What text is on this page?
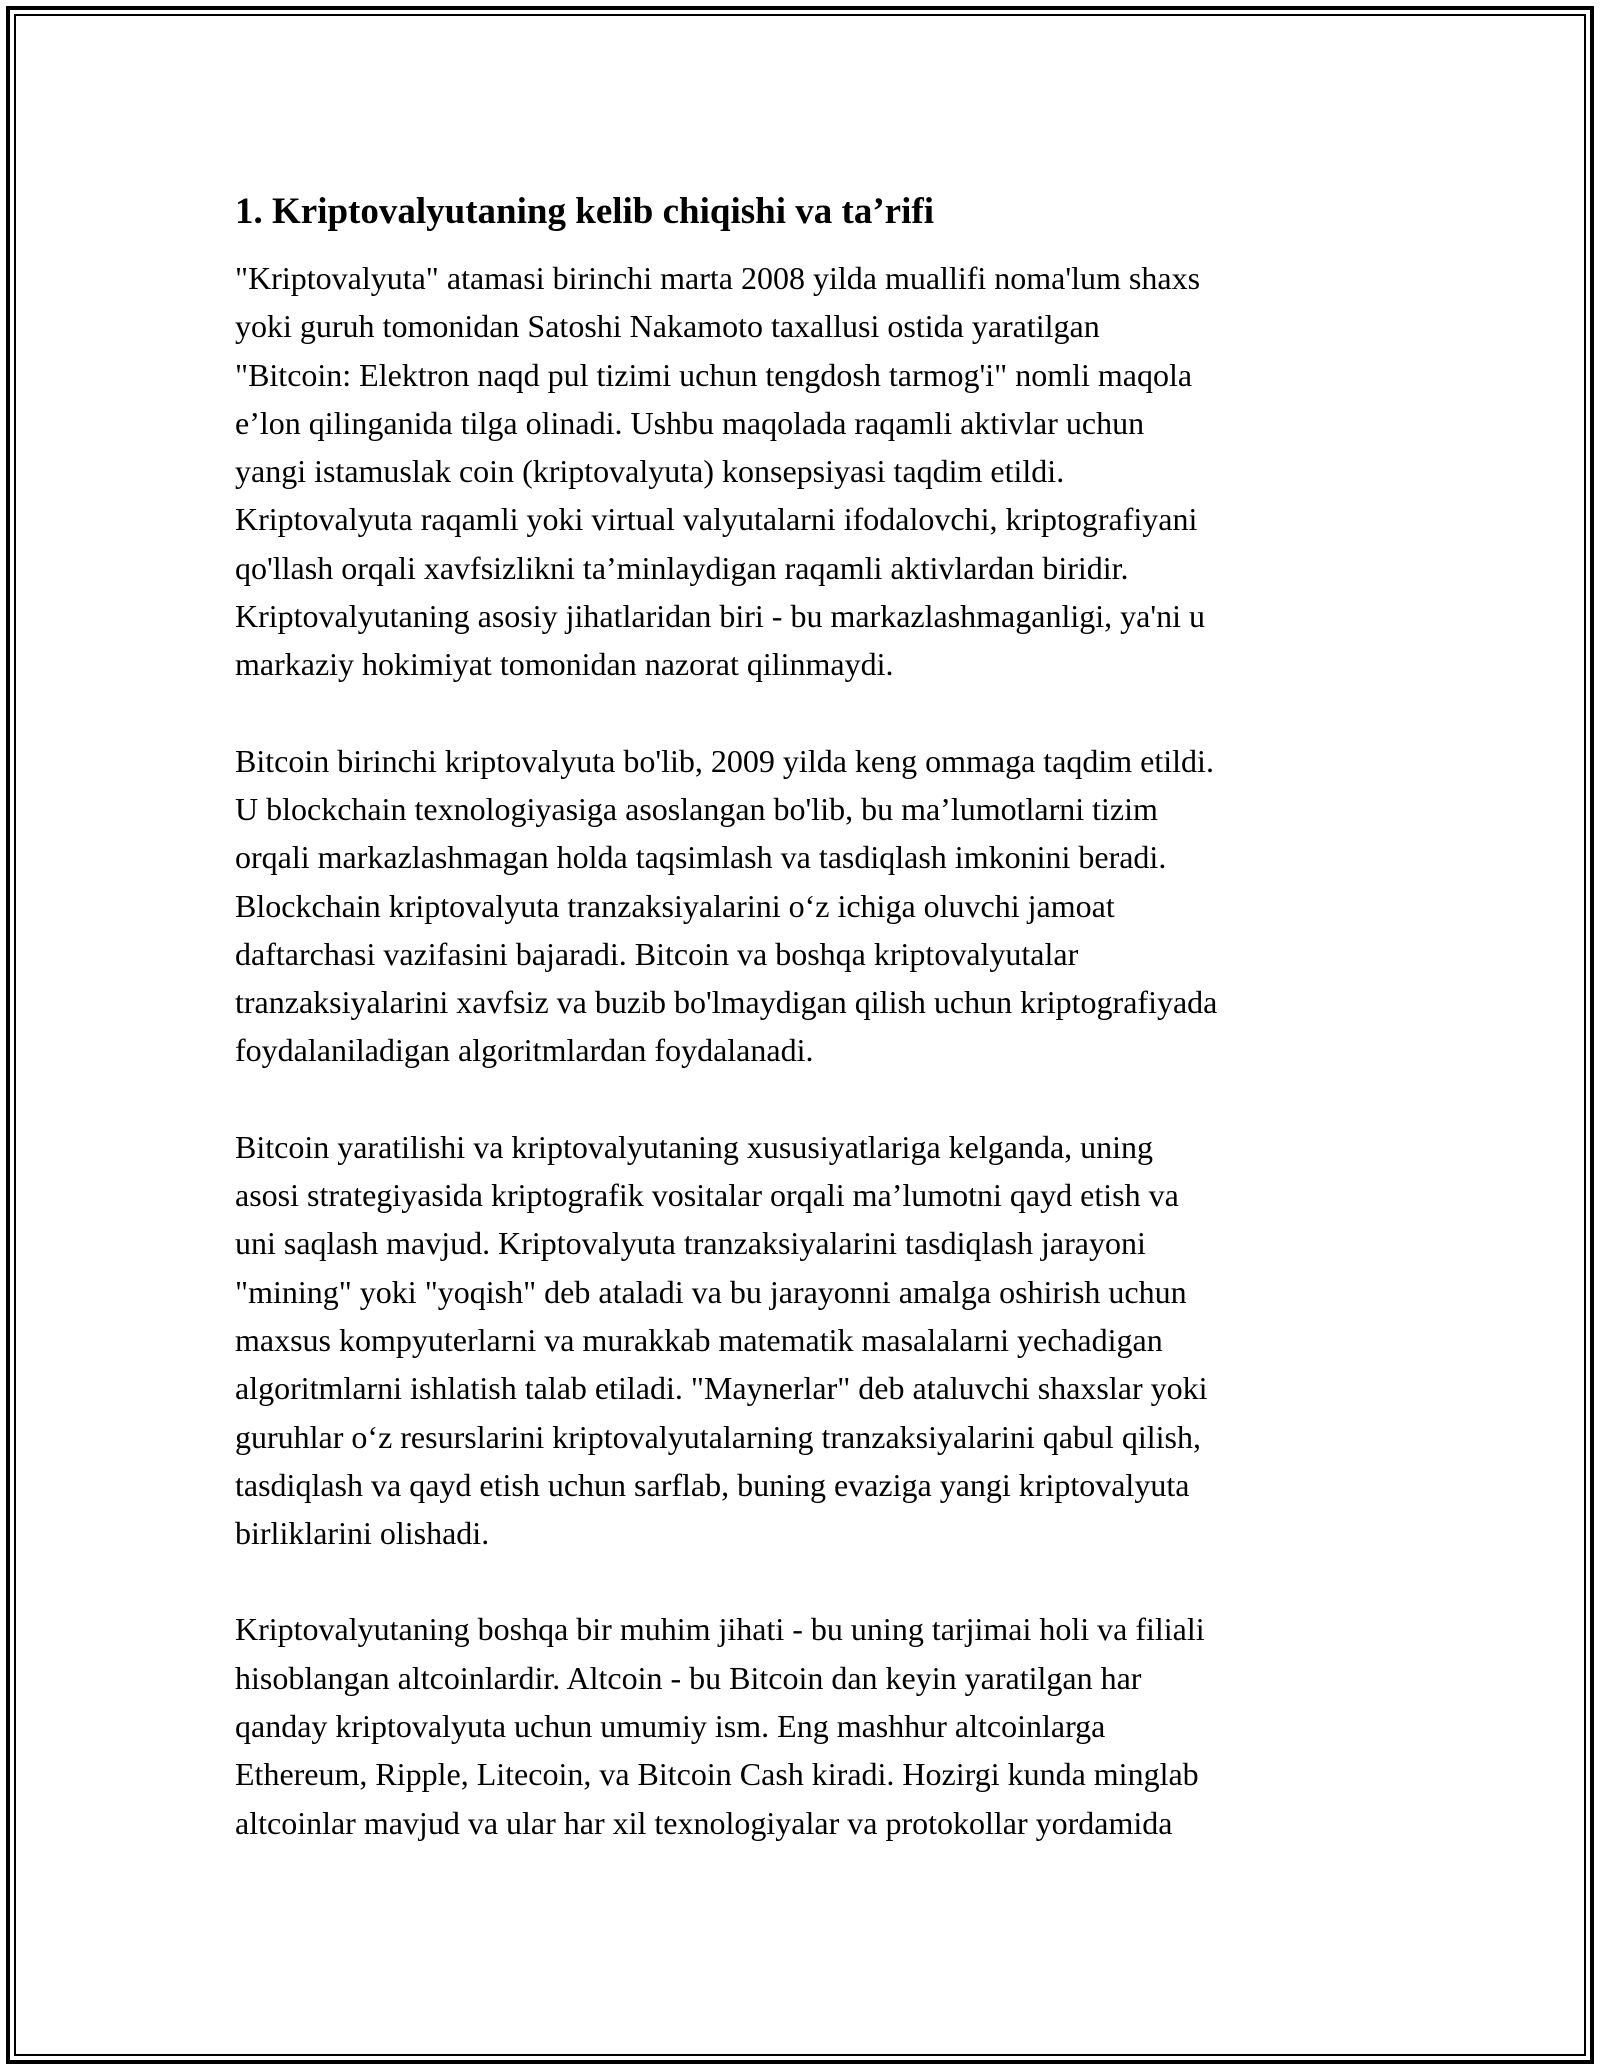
1. Kriptovalyutaning kelib chiqishi va ta’rifi
"Kriptovalyuta" atamasi birinchi marta 2008 yilda muallifi noma'lum shaxs
yoki guruh tomonidan Satoshi Nakamoto taxallusi ostida yaratilgan
"Bitcoin: Elektron naqd pul tizimi uchun tengdosh tarmog'i" nomli maqola
e’lon qilinganida tilga olinadi. Ushbu maqolada raqamli aktivlar uchun
yangi istamuslak coin (kriptovalyuta) konsepsiyasi taqdim etildi.
Kriptovalyuta raqamli yoki virtual valyutalarni ifodalovchi, kriptografiyani
qo'llash orqali xavfsizlikni ta’minlaydigan raqamli aktivlardan biridir.
Kriptovalyutaning asosiy jihatlaridan biri - bu markazlashmaganligi, ya'ni u
markaziy hokimiyat tomonidan nazorat qilinmaydi.
Bitcoin birinchi kriptovalyuta bo'lib, 2009 yilda keng ommaga taqdim etildi.
U blockchain texnologiyasiga asoslangan bo'lib, bu ma’lumotlarni tizim
orqali markazlashmagan holda taqsimlash va tasdiqlash imkonini beradi.
Blockchain kriptovalyuta tranzaksiyalarini o‘z ichiga oluvchi jamoat
daftarchasi vazifasini bajaradi. Bitcoin va boshqa kriptovalyutalar
tranzaksiyalarini xavfsiz va buzib bo'lmaydigan qilish uchun kriptografiyada
foydalaniladigan algoritmlardan foydalanadi.
Bitcoin yaratilishi va kriptovalyutaning xususiyatlariga kelganda, uning
asosi strategiyasida kriptografik vositalar orqali ma’lumotni qayd etish va
uni saqlash mavjud. Kriptovalyuta tranzaksiyalarini tasdiqlash jarayoni
"mining" yoki "yoqish" deb ataladi va bu jarayonni amalga oshirish uchun
maxsus kompyuterlarni va murakkab matematik masalalarni yechadigan
algoritmlarni ishlatish talab etiladi. "Maynerlar" deb ataluvchi shaxslar yoki
guruhlar o‘z resurslarini kriptovalyutalarning tranzaksiyalarini qabul qilish,
tasdiqlash va qayd etish uchun sarflab, buning evaziga yangi kriptovalyuta
birliklarini olishadi.
Kriptovalyutaning boshqa bir muhim jihati - bu uning tarjimai holi va filiali
hisoblangan altcoinlardir. Altcoin - bu Bitcoin dan keyin yaratilgan har
qanday kriptovalyuta uchun umumiy ism. Eng mashhur altcoinlarga
Ethereum, Ripple, Litecoin, va Bitcoin Cash kiradi. Hozirgi kunda minglab
altcoinlar mavjud va ular har xil texnologiyalar va protokollar yordamida
